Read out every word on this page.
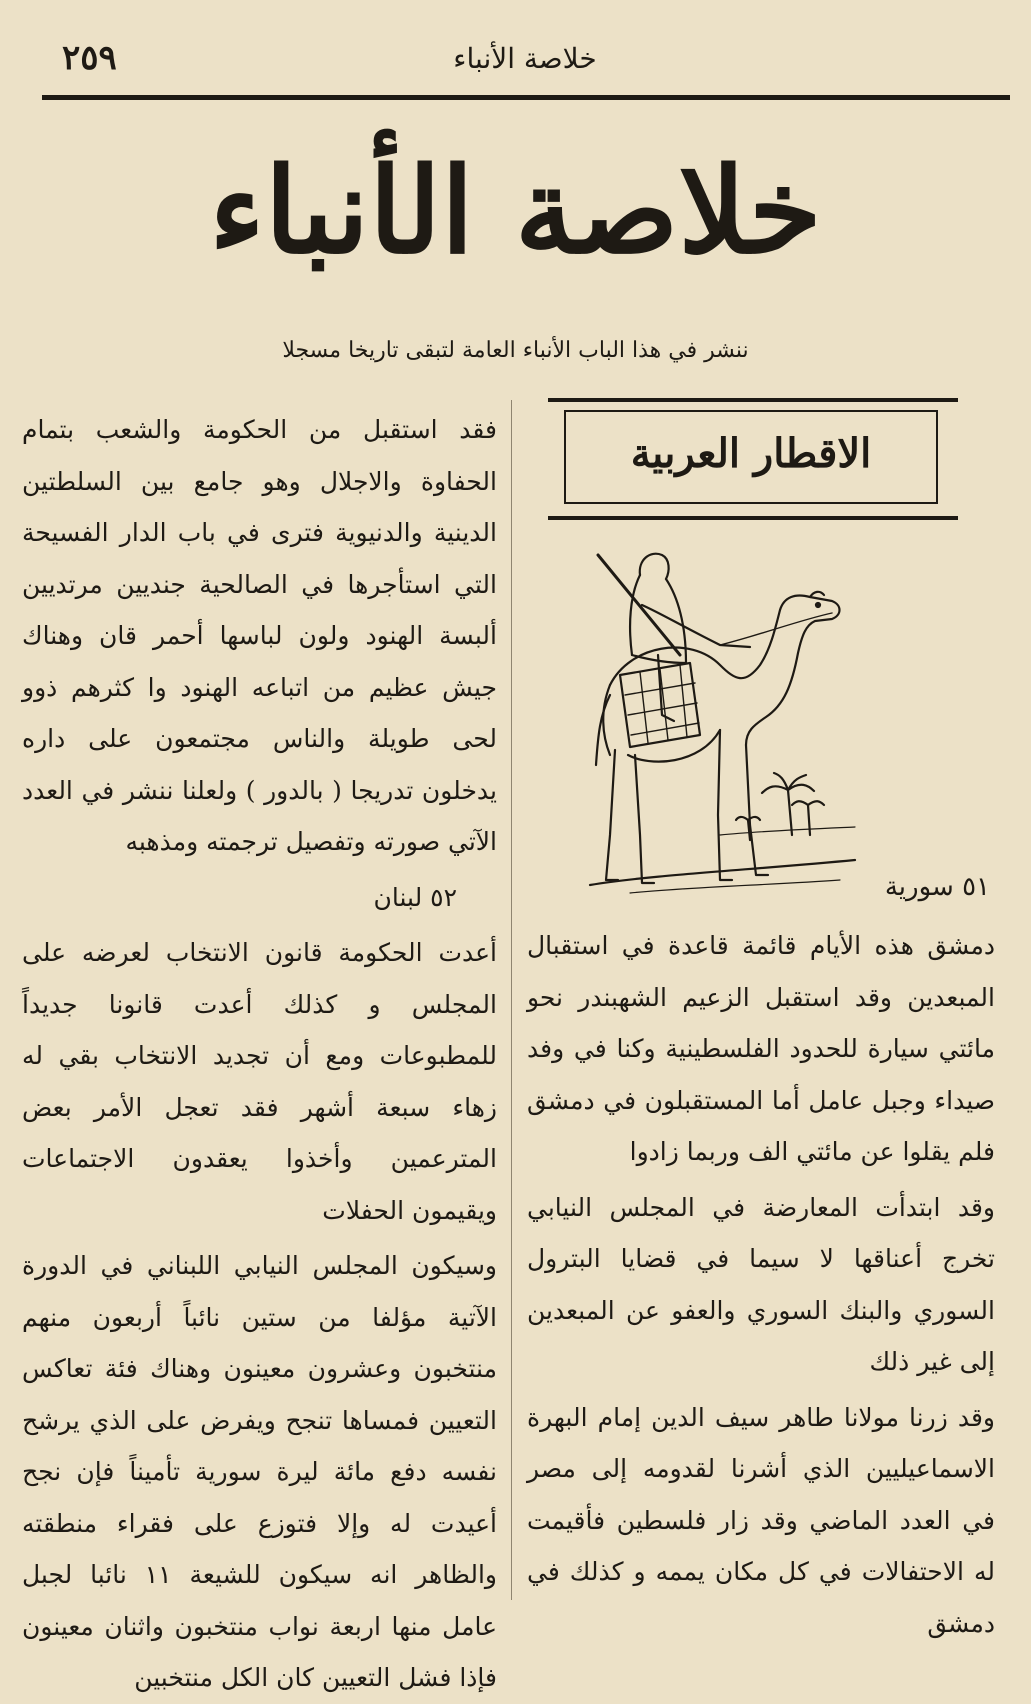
٢٥٩	خلاصة الأنباء
خلاصة الأنباء
ننشر في هذا الباب الأنباء العامة لتبقى تاريخا مسجلا
الاقطار العربية
٥١ سورية

دمشق هذه الأيام قائمة قاعدة في استقبال المبعدين وقد استقبل الزعيم الشهبندر نحو مائتي سيارة للحدود الفلسطينية وكنا في وفد صيداء وجبل عامل أما المستقبلون في دمشق فلم يقلوا عن مائتي الف وربما زادوا

وقد ابتدأت المعارضة في المجلس النيابي تخرج أعناقها لا سيما في قضايا البترول السوري والبنك السوري والعفو عن المبعدين إلى غير ذلك

وقد زرنا مولانا طاهر سيف الدين إمام البهرة الاسماعيليين الذي أشرنا لقدومه إلى مصر في العدد الماضي وقد زار فلسطين فأقيمت له الاحتفالات في كل مكان يممه و كذلك في دمشق

فقد استقبل من الحكومة والشعب بتمام الحفاوة والاجلال وهو جامع بين السلطتين الدينية والدنيوية فترى في باب الدار الفسيحة التي استأجرها في الصالحية جنديين مرتديين ألبسة الهنود ولون لباسها أحمر قان وهناك جيش عظيم من اتباعه الهنود وا كثرهم ذوو لحى طويلة والناس مجتمعون على داره يدخلون تدريجا ( بالدور ) ولعلنا ننشر في العدد الآتي صورته وتفصيل ترجمته ومذهبه

٥٢ لبنان

أعدت الحكومة قانون الانتخاب لعرضه على المجلس و كذلك أعدت قانونا جديداً للمطبوعات ومع أن تجديد الانتخاب بقي له زهاء سبعة أشهر فقد تعجل الأمر بعض المترعمين وأخذوا يعقدون الاجتماعات ويقيمون الحفلات

وسيكون المجلس النيابي اللبناني في الدورة الآتية مؤلفا من ستين نائباً أربعون منهم منتخبون وعشرون معينون وهناك فئة تعاكس التعيين فمساها تنجح ويفرض على الذي يرشح نفسه دفع مائة ليرة سورية تأميناً فإن نجح أعيدت له وإلا فتوزع على فقراء منطقته والظاهر انه سيكون للشيعة ١١ نائبا لجبل عامل منها اربعة نواب منتخبون واثنان معينون فإذا فشل التعيين كان الكل منتخبين
